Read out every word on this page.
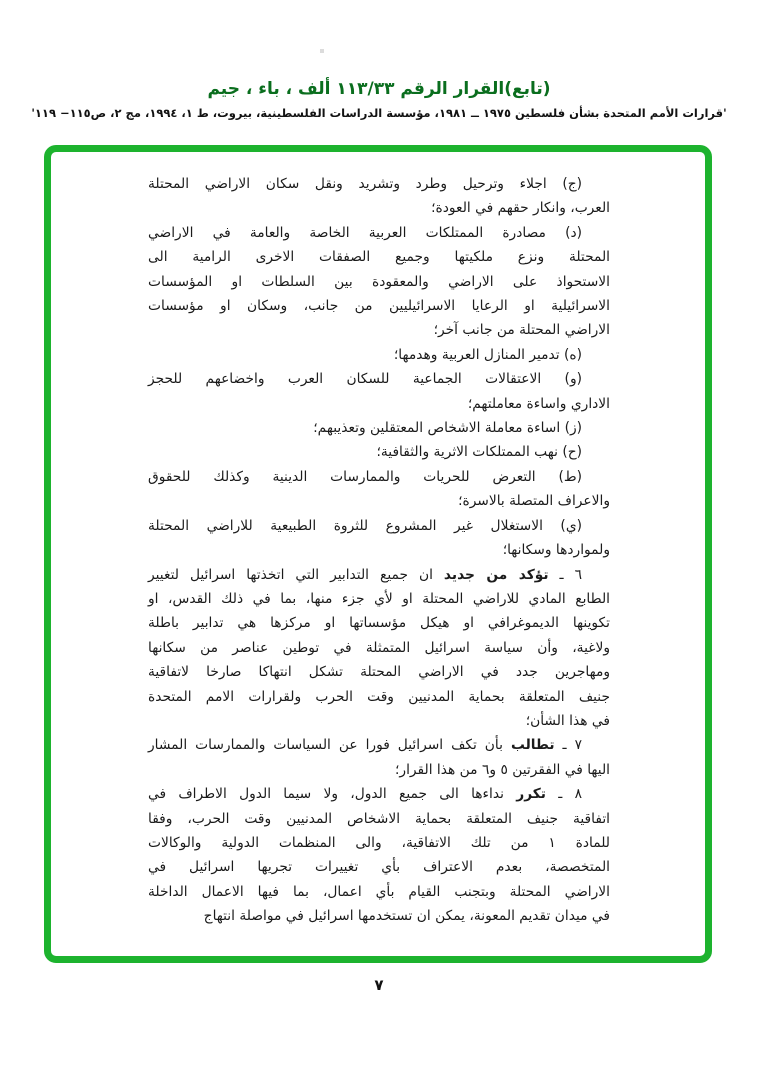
(تابع)القرار الرقم ١١٣/٣٣ ألف ، باء ، جيم
'قرارات الأمم المتحدة بشأن فلسطين ١٩٧٥ ــ ١٩٨١، مؤسسة الدراسات الفلسطينية، بيروت، ط ١، ١٩٩٤، مج ٢، ص١١٥− ١١٩'
(ج) اجلاء وترحيل وطرد وتشريد ونقل سكان الاراضي المحتلة
العرب، وانكار حقهم في العودة؛
(د) مصادرة الممتلكات العربية الخاصة والعامة في الاراضي
المحتلة ونزع ملكيتها وجميع الصفقات الاخرى الرامية الى
الاستحواذ على الاراضي والمعقودة بين السلطات او المؤسسات
الاسرائيلية او الرعايا الاسرائيليين من جانب، وسكان او مؤسسات
الاراضي المحتلة من جانب آخر؛
(ه) تدمير المنازل العربية وهدمها؛
(و) الاعتقالات الجماعية للسكان العرب واخضاعهم للحجز
الاداري واساءة معاملتهم؛
(ز) اساءة معاملة الاشخاص المعتقلين وتعذيبهم؛
(ح) نهب الممتلكات الاثرية والثقافية؛
(ط) التعرض للحريات والممارسات الدينية وكذلك للحقوق
والاعراف المتصلة بالاسرة؛
(ي) الاستغلال غير المشروع للثروة الطبيعية للاراضي المحتلة
ولمواردها وسكانها؛
٦ ـ تؤكد من جديد ان جميع التدابير التي اتخذتها اسرائيل لتغيير
الطابع المادي للاراضي المحتلة او لأي جزء منها، بما في ذلك القدس، او
تكوينها الديموغرافي او هيكل مؤسساتها او مركزها هي تدابير باطلة
ولاغية، وأن سياسة اسرائيل المتمثلة في توطين عناصر من سكانها
ومهاجرين جدد في الاراضي المحتلة تشكل انتهاكا صارخا لاتفاقية
جنيف المتعلقة بحماية المدنيين وقت الحرب ولقرارات الامم المتحدة
في هذا الشأن؛
٧ ـ تطالب بأن تكف اسرائيل فورا عن السياسات والممارسات المشار
اليها في الفقرتين ٥ و٦ من هذا القرار؛
٨ ـ تكرر نداءها الى جميع الدول، ولا سيما الدول الاطراف في
اتفاقية جنيف المتعلقة بحماية الاشخاص المدنيين وقت الحرب، وفقا
للمادة ١ من تلك الاتفاقية، والى المنظمات الدولية والوكالات
المتخصصة، بعدم الاعتراف بأي تغييرات تجريها اسرائيل في
الاراضي المحتلة وبتجنب القيام بأي اعمال، بما فيها الاعمال الداخلة
في ميدان تقديم المعونة، يمكن ان تستخدمها اسرائيل في مواصلة انتهاج
٧
